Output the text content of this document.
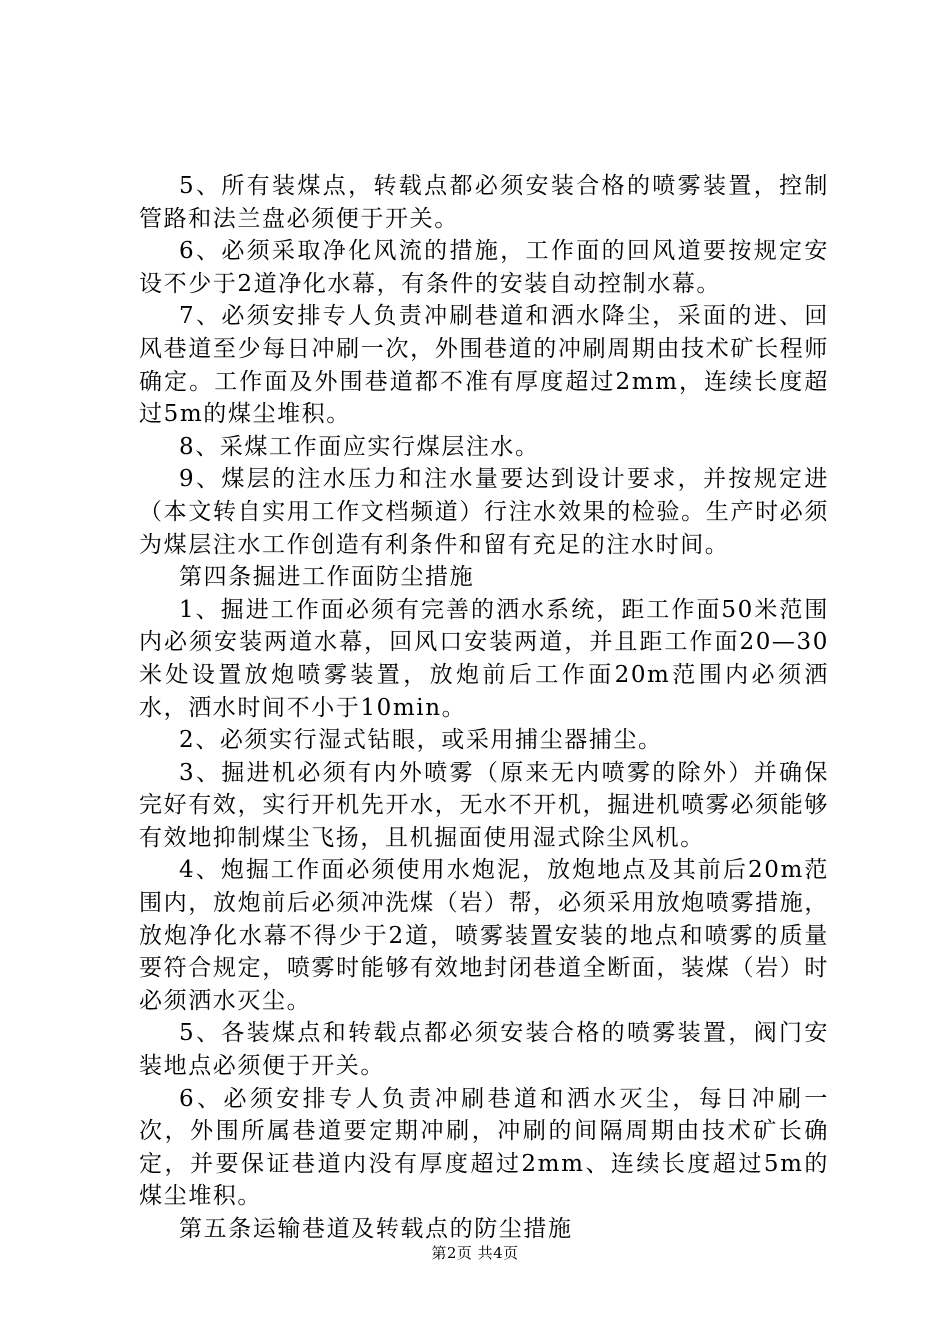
5、所有装煤点，转载点都必须安装合格的喷雾装置，控制管路和法兰盘必须便于开关。

6、必须采取净化风流的措施，工作面的回风道要按规定安设不少于2道净化水幕，有条件的安装自动控制水幕。

7、必须安排专人负责冲刷巷道和洒水降尘，采面的进、回风巷道至少每日冲刷一次，外围巷道的冲刷周期由技术矿长程师确定。工作面及外围巷道都不准有厚度超过2mm，连续长度超过5m的煤尘堆积。

8、采煤工作面应实行煤层注水。

9、煤层的注水压力和注水量要达到设计要求，并按规定进（本文转自实用工作文档频道）行注水效果的检验。生产时必须为煤层注水工作创造有利条件和留有充足的注水时间。

第四条掘进工作面防尘措施

1、掘进工作面必须有完善的洒水系统，距工作面50米范围内必须安装两道水幕，回风口安装两道，并且距工作面20—30米处设置放炮喷雾装置，放炮前后工作面20m范围内必须洒水，洒水时间不小于10min。

2、必须实行湿式钻眼，或采用捕尘器捕尘。

3、掘进机必须有内外喷雾（原来无内喷雾的除外）并确保完好有效，实行开机先开水，无水不开机，掘进机喷雾必须能够有效地抑制煤尘飞扬，且机掘面使用湿式除尘风机。

4、炮掘工作面必须使用水炮泥，放炮地点及其前后20m范围内，放炮前后必须冲洗煤（岩）帮，必须采用放炮喷雾措施，放炮净化水幕不得少于2道，喷雾装置安装的地点和喷雾的质量要符合规定，喷雾时能够有效地封闭巷道全断面，装煤（岩）时必须洒水灭尘。

5、各装煤点和转载点都必须安装合格的喷雾装置，阀门安装地点必须便于开关。

6、必须安排专人负责冲刷巷道和洒水灭尘，每日冲刷一次，外围所属巷道要定期冲刷，冲刷的间隔周期由技术矿长确定，并要保证巷道内没有厚度超过2mm、连续长度超过5m的煤尘堆积。

第五条运输巷道及转载点的防尘措施

第2页 共4页
